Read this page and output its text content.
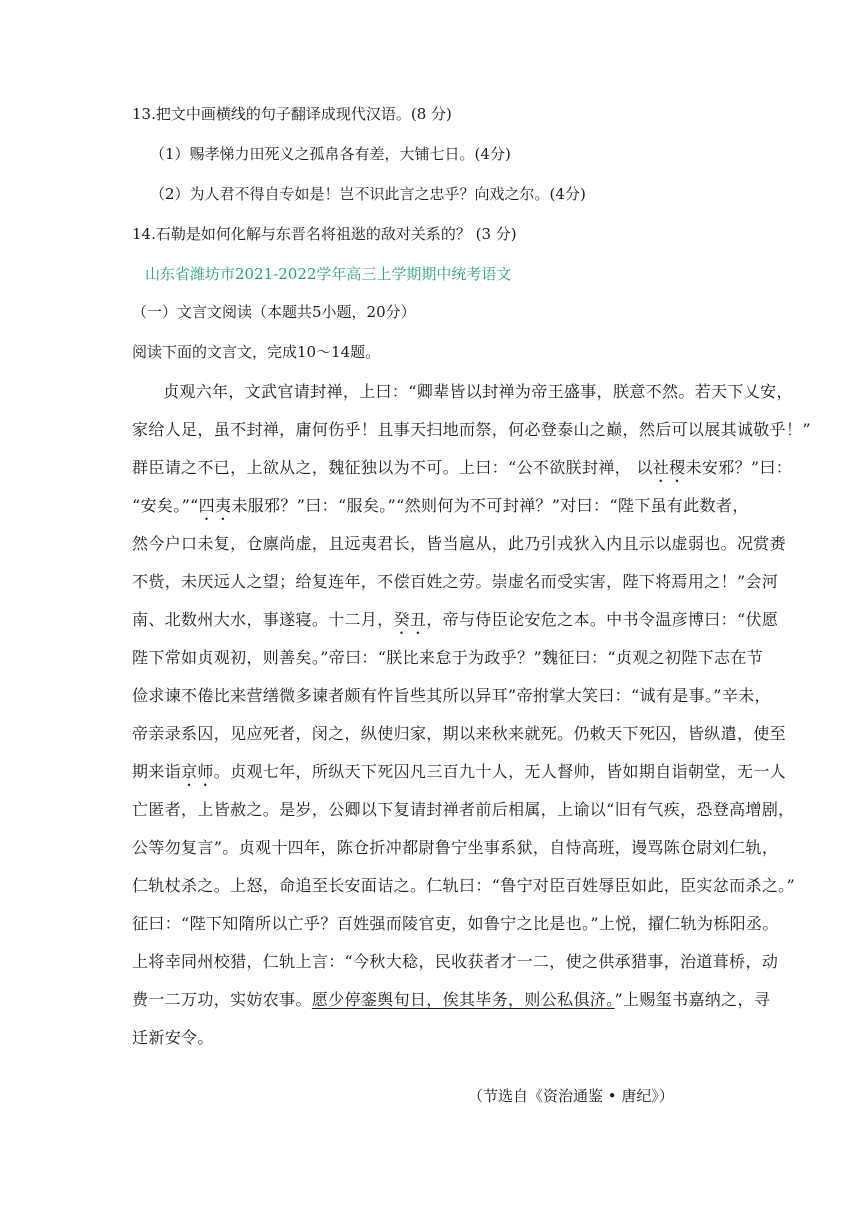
13.把文中画横线的句子翻译成现代汉语。(8 分)
（1）赐孝悌力田死义之孤帛各有差，大铺七日。(4分)
（2）为人君不得自专如是！岂不识此言之忠乎？向戏之尔。(4分)
14.石勒是如何化解与东晋名将祖逖的敌对关系的？ (3 分)
山东省潍坊市2021-2022学年高三上学期期中统考语文
（一）文言文阅读（本题共5小题，20分）
阅读下面的文言文，完成10～14题。
贞观六年，文武官请封禅，上曰：“卿辈皆以封禅为帝王盛事，朕意不然。若天下乂安，
家给人足，虽不封禅，庸何伤乎！且事天扫地而祭，何必登泰山之巅，然后可以展其诚敬乎！”
群臣请之不已，上欲从之，魏征独以为不可。上曰：“公不欲朕封禅， 以社稷未安邪？”曰：
“安矣。”“四夷未服邪？”曰：“服矣。”“然则何为不可封禅？”对曰：“陛下虽有此数者，
然今户口未复，仓廪尚虚，且远夷君长，皆当扈从，此乃引戎狄入内且示以虚弱也。况赏赉
不赀，未厌远人之望；给复连年，不偿百姓之劳。崇虚名而受实害，陛下将焉用之！”会河
南、北数州大水，事遂寝。十二月，癸丑，帝与侍臣论安危之本。中书令温彦博曰：“伏愿
陛下常如贞观初，则善矣。”帝曰：“朕比来怠于为政乎？”魏征曰：“贞观之初陛下志在节
俭求谏不倦比来营缮微多谏者颇有忤旨些其所以异耳”帝拊掌大笑曰：“诚有是事。”辛未，
帝亲录系囚，见应死者，闵之，纵使归家，期以来秋来就死。仍敕天下死囚，皆纵遣，使至
期来诣京师。贞观七年，所纵天下死囚凡三百九十人，无人督帅，皆如期自诣朝堂，无一人
亡匿者，上皆赦之。是岁，公卿以下复请封禅者前后相属，上谕以“旧有气疾，恐登高增剧，
公等勿复言”。贞观十四年，陈仓折冲都尉鲁宁坐事系狱，自恃高班，谩骂陈仓尉刘仁轨，
仁轨杖杀之。上怒，命追至长安面诘之。仁轨曰：“鲁宁对臣百姓辱臣如此，臣实忿而杀之。”
征曰：“陛下知隋所以亡乎？百姓强而陵官吏，如鲁宁之比是也。”上悦，擢仁轨为栎阳丞。
上将幸同州校猎，仁轨上言：“今秋大稔，民收获者才一二，使之供承猎事，治道葺桥，动
费一二万功，实妨农事。愿少停銮舆旬日，俟其毕务，则公私俱济。”上赐玺书嘉纳之，寻
迁新安令。
（节选自《资治通鉴 • 唐纪》）
